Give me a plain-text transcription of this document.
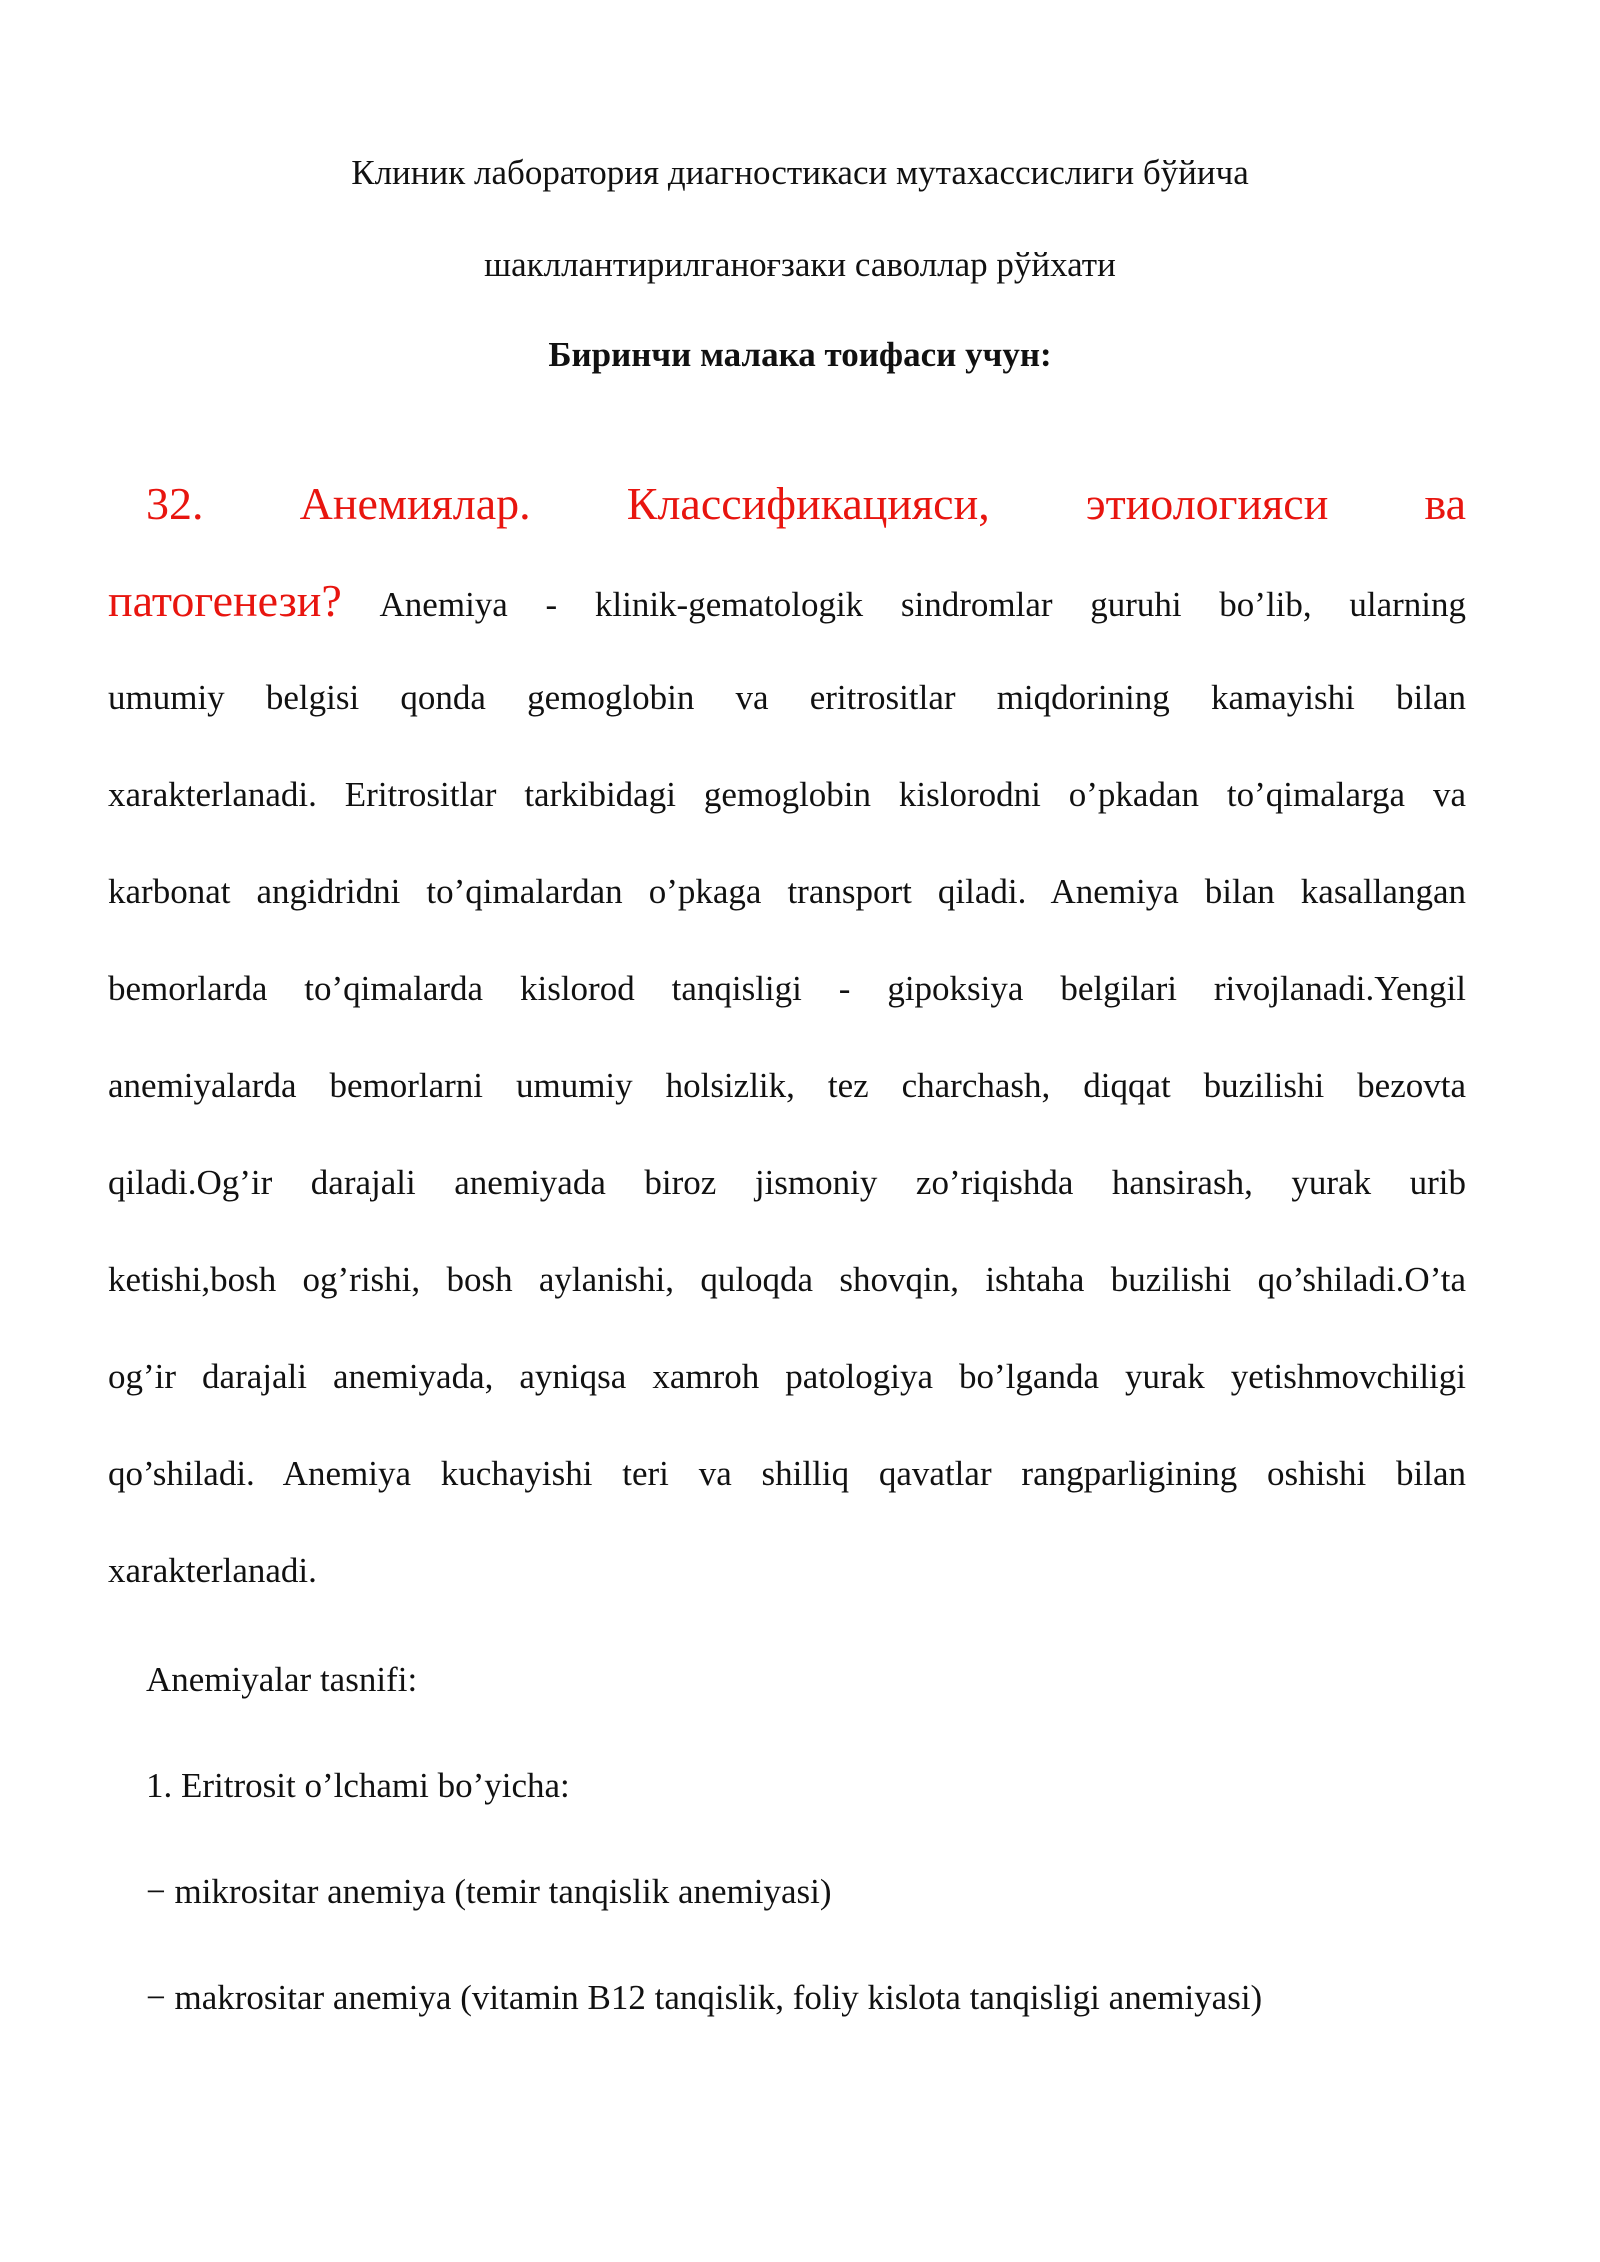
Клиник лаборатория диагностикаси мутахассислиги бўйича
шакллантирилганоғзаки саволлар рўйхати
Биринчи малака тоифаси учун:
32. Анемиялар. Классификацияси, этиологияси ва
патогенези? Anemiya - klinik-gematologik sindromlar guruhi bo’lib, ularning
umumiy belgisi qonda gemoglobin va eritrositlar miqdorining kamayishi bilan
xarakterlanadi. Eritrositlar tarkibidagi gemoglobin kislorodni o’pkadan to’qimalarga va
karbonat angidridni to’qimalardan o’pkaga transport qiladi. Anemiya bilan kasallangan
bemorlarda to’qimalarda kislorod tanqisligi - gipoksiya belgilari rivojlanadi.Yengil
anemiyalarda bemorlarni umumiy holsizlik, tez charchash, diqqat buzilishi bezovta
qiladi.Og’ir darajali anemiyada biroz jismoniy zo’riqishda hansirash, yurak urib
ketishi,bosh og’rishi, bosh aylanishi, quloqda shovqin, ishtaha buzilishi qo’shiladi.O’ta
og’ir darajali anemiyada, ayniqsa xamroh patologiya bo’lganda yurak yetishmovchiligi
qo’shiladi. Anemiya kuchayishi teri va shilliq qavatlar rangparligining oshishi bilan
xarakterlanadi.
Anemiyalar tasnifi:
1. Eritrosit o’lchami bo’yicha:
− mikrositar anemiya (temir tanqislik anemiyasi)
− makrositar anemiya (vitamin B12 tanqislik, foliy kislota tanqisligi anemiyasi)
